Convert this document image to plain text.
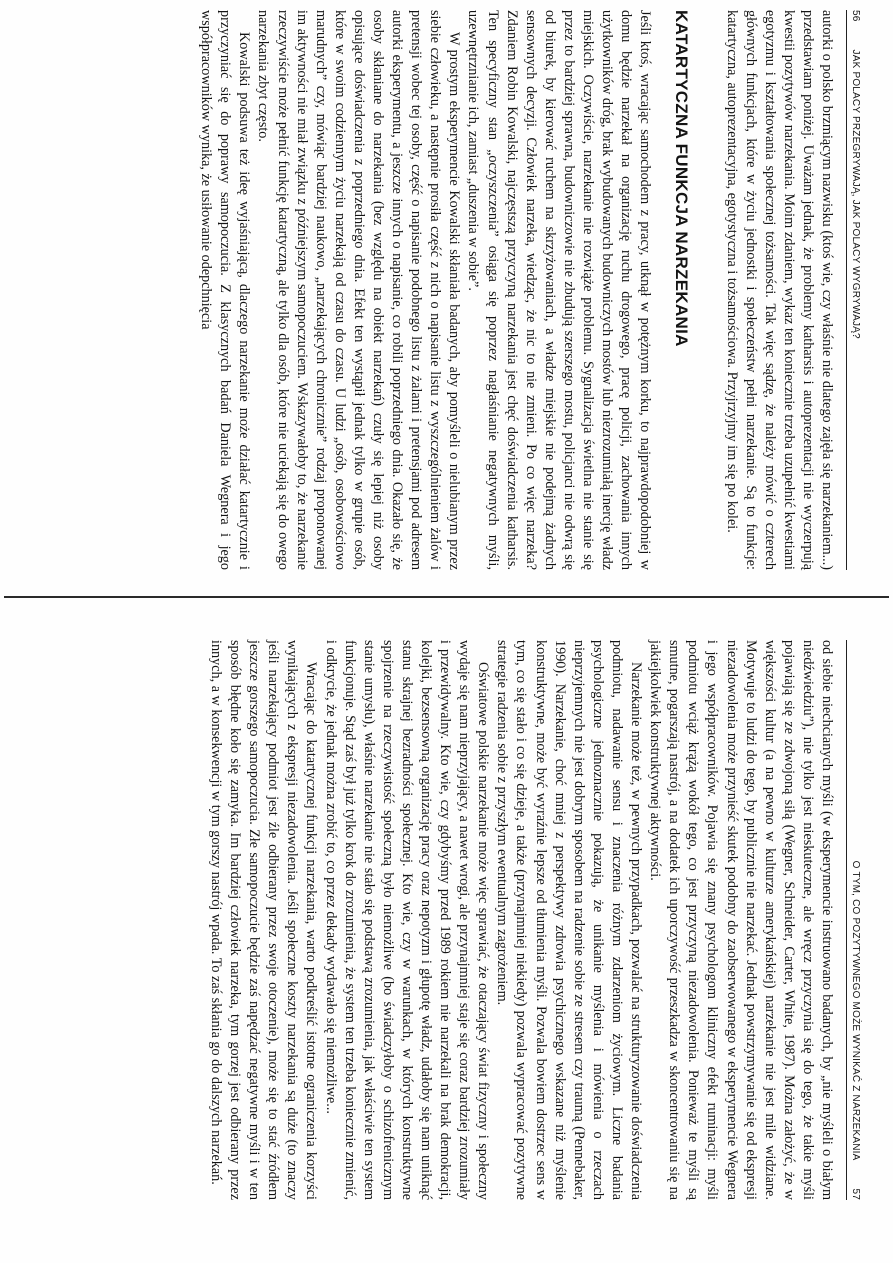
56
JAK POLACY PRZEGRYWAJĄ, JAK POLACY WYGRYWAJĄ?

autorki o polsko brzmiącym nazwisku (ktoś wie, czy właśnie nie dlatego zajęła się narzekaniem...) przedstawiam poniżej. Uważam jednak, że problemy katharsis i autoprezentacji nie wyczerpują kwestii pozytywów narzekania. Moim zdaniem, wykaz ten koniecznie trzeba uzupełnić kwestiami egotyzmu i kształtowania społecznej tożsamości. Tak więc sądzę, że należy mówić o czterech głównych funkcjach, które w życiu jednostki i społeczeństw pełni narzekanie. Są to funkcje: katartyczna, autoprezentacyjna, egotystyczna i tożsamościowa. Przyjrzyjmy im się po kolei.

KATARTYCZNA FUNKCJA NARZEKANIA

Jeśli ktoś, wracając samochodem z pracy, utknął w potężnym korku, to najprawdopodobniej w domu będzie narzekał na organizację ruchu drogowego, pracę policji, zachowania innych użytkowników dróg, brak wybudowanych budowniczych mostów lub niezrozumiałą inercję władz miejskich. Oczywiście, narzekanie nie rozwiąże problemu. Sygnalizacja świetlna nie stanie się przez to bardziej sprawna, budowniczowie nie zbudują szerszego mostu, policjanci nie odwrą się od biurek, by kierować ruchem na skrzyżowaniach, a władze miejskie nie podejmą żadnych sensownych decyzji. Człowiek narzeka, wiedząc, że nic to nie zmieni. Po co więc narzeka? Zdaniem Robin Kowalski, najczęstszą przyczyną narzekania jest chęć doświadczenia katharsis. Ten specyficzny stan „oczyszczenia” osiąga się poprzez nagłaśnianie negatywnych myśli, uzewnętrznianie ich, zamiast „duszenia w sobie”.

W prostym eksperymencie Kowalski skłaniała badanych, aby pomyśleli o nielubianym przez siebie człowieku, a następnie prosiła część z nich o napisanie listu z wyszczególnieniem żalów i pretensji wobec tej osoby, część o napisanie podobnego listu z żalami i pretensjami pod adresem autorki eksperymentu, a jeszcze innych o napisanie, co robili poprzedniego dnia. Okazało się, że osoby skłaniane do narzekania (bez względu na obiekt narzekań) czuły się lepiej niż osoby opisujące doświadczenia z poprzedniego dnia. Efekt ten wystąpił jednak tylko w grupie osób, które w swoim codziennym życiu narzekają od czasu do czasu. U ludzi „osób, osobowościowo marudnych” czy, mówiąc bardziej naukowo, „narzekających chronicznie” rodzaj proponowanej im aktywności nie miał związku z późniejszym samopoczuciem. Wskazywałoby to, że narzekanie rzeczywiście może pełnić funkcję katartyczną, ale tylko dla osób, które nie uciekają się do owego narzekania zbyt często.

Kowalski podsuwa też ideę wyjaśniającą, dlaczego narzekanie może działać katartycznie i przyczyniać się do poprawy samopoczucia. Z klasycznych badań Daniela Wegnera i jego współpracowników wynika, że usiłowanie odepchnięcia

O TYM, CO POZYTYWNEGO MOŻE WYNIKAĆ Z NARZEKANIA
57

od siebie niechcianych myśli (w eksperymencie instruowano badanych, by „nie myśleli o białym niedźwiedziu”), nie tylko jest nieskuteczne, ale wręcz przyczynia się do tego, że takie myśli pojawiają się ze zdwojoną siłą (Wegner, Schneider, Carter, White, 1987). Można założyć, że w większości kultur (a na pewno w kulturze amerykańskiej) narzekanie nie jest mile widziane. Motywuje to ludzi do tego, by publicznie nie narzekać. Jednak powstrzymywanie się od ekspresji niezadowolenia może przynieść skutek podobny do zaobserwowanego w eksperymencie Wegnera i jego współpracowników. Pojawia się znany psychologom kliniczny efekt ruminacji: myśli podmiotu wciąż krążą wokół tego, co jest przyczyną niezadowolenia. Ponieważ te myśli są smutne, pogarszają nastrój, a na dodatek ich uporczywość przeszkadza w skoncentrowaniu się na jakiejkolwiek konstruktywnej aktywności.

Narzekanie może też, w pewnych przypadkach, pozwalać na strukturyzowanie doświadczenia podmiotu, nadawanie sensu i znaczenia różnym zdarzeniom życiowym. Liczne badania psychologiczne jednoznacznie pokazują, że unikanie myślenia i mówienia o rzeczach nieprzyjemnych nie jest dobrym sposobem na radzenie sobie ze stresem czy traumą (Pennebaker, 1990). Narzekanie, choć mniej z perspektywy zdrowia psychicznego wskazane niż myślenie konstruktywne, może być wyraźnie lepsze od tłumienia myśli. Pozwala bowiem dostrzec sens w tym, co się stało i co się dzieje, a także (przynajmniej niekiedy) pozwala wypracować pozytywne strategie radzenia sobie z przyszłym ewentualnym zagrożeniem.

Oświatowe polskie narzekanie może więc sprawiać, że otaczający świat fizyczny i społeczny wydaje się nam nieprzyjający, a nawet wrogi, ale przynajmniej staje się coraz bardziej zrozumiały i przewidywalny. Kto wie, czy gdybyśmy przed 1989 rokiem nie narzekali na brak demokracji, kolejki, bezsensowną organizację pracy oraz nepotyzm i głupotę władz, udałoby się nam uniknąć stanu skrajnej bezradności społecznej. Kto wie, czy w warunkach, w których konstruktywne spojrzenie na rzeczywistość społeczną było niemożliwe (bo świadczyłoby o schizofrenicznym stanie umysłu), właśnie narzekanie nie stało się podstawą zrozumienia, jak właściwie ten system funkcjonuje. Stąd zaś był już tylko krok do zrozumienia, że system ten trzeba koniecznie zmienić, i odkrycie, że jednak można zrobić to, co przez dekady wydawało się niemożliwe...

Wracając do katartycznej funkcji narzekania, warto podkreślić istotne ograniczenia korzyści wynikających z ekspresji niezadowolenia. Jeśli społeczne koszty narzekania są duże (to znaczy jeśli narzekający podmiot jest źle odbierany przez swoje otoczenie), może się to stać źródłem jeszcze gorszego samopoczucia. Złe samopoczucie będzie zaś napędzać negatywne myśli i w ten sposób błędne koło się zamyka. Im bardziej człowiek narzeka, tym gorzej jest odbierany przez innych, a w konsekwencji w tym gorszy nastrój wpada. To zaś skłania go do dalszych narzekań.
